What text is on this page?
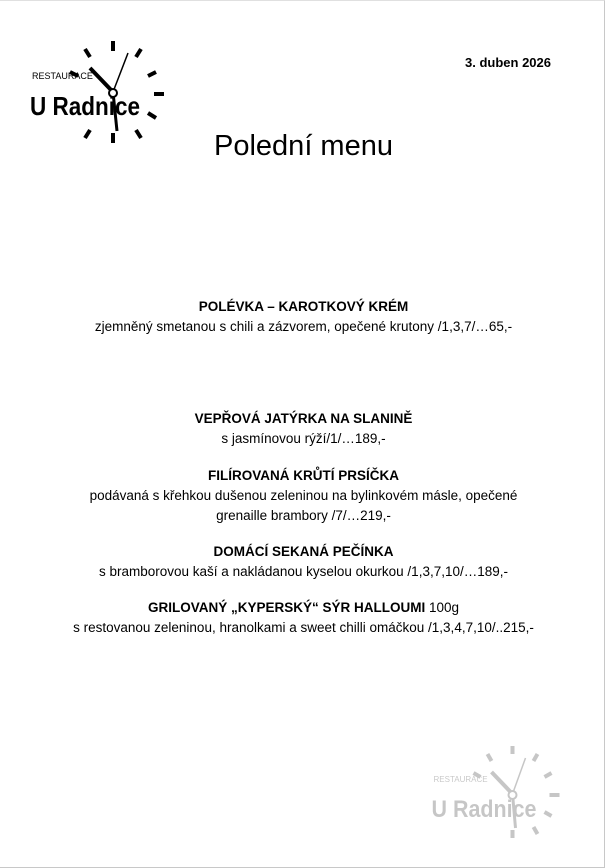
RESTAURACE
U Radnice
3. duben 2026
Polední menu
POLÉVKA – KAROTKOVÝ KRÉM
zjemněný smetanou s chili a zázvorem, opečené krutony /1,3,7/…65,-
VEPŘOVÁ JATÝRKA NA SLANINĚ
s jasmínovou rýží/1/…189,-
FILÍROVANÁ KRŮTÍ PRSÍČKA
podávaná s křehkou dušenou zeleninou na bylinkovém másle, opečené
grenaille brambory /7/…219,-
DOMÁCÍ SEKANÁ PEČÍNKA
s bramborovou kaší a nakládanou kyselou okurkou /1,3,7,10/…189,-
GRILOVANÝ „KYPERSKÝ“ SÝR HALLOUMI 100g
s restovanou zeleninou, hranolkami a sweet chilli omáčkou /1,3,4,7,10/..215,-
RESTAURACE
U Radnice
